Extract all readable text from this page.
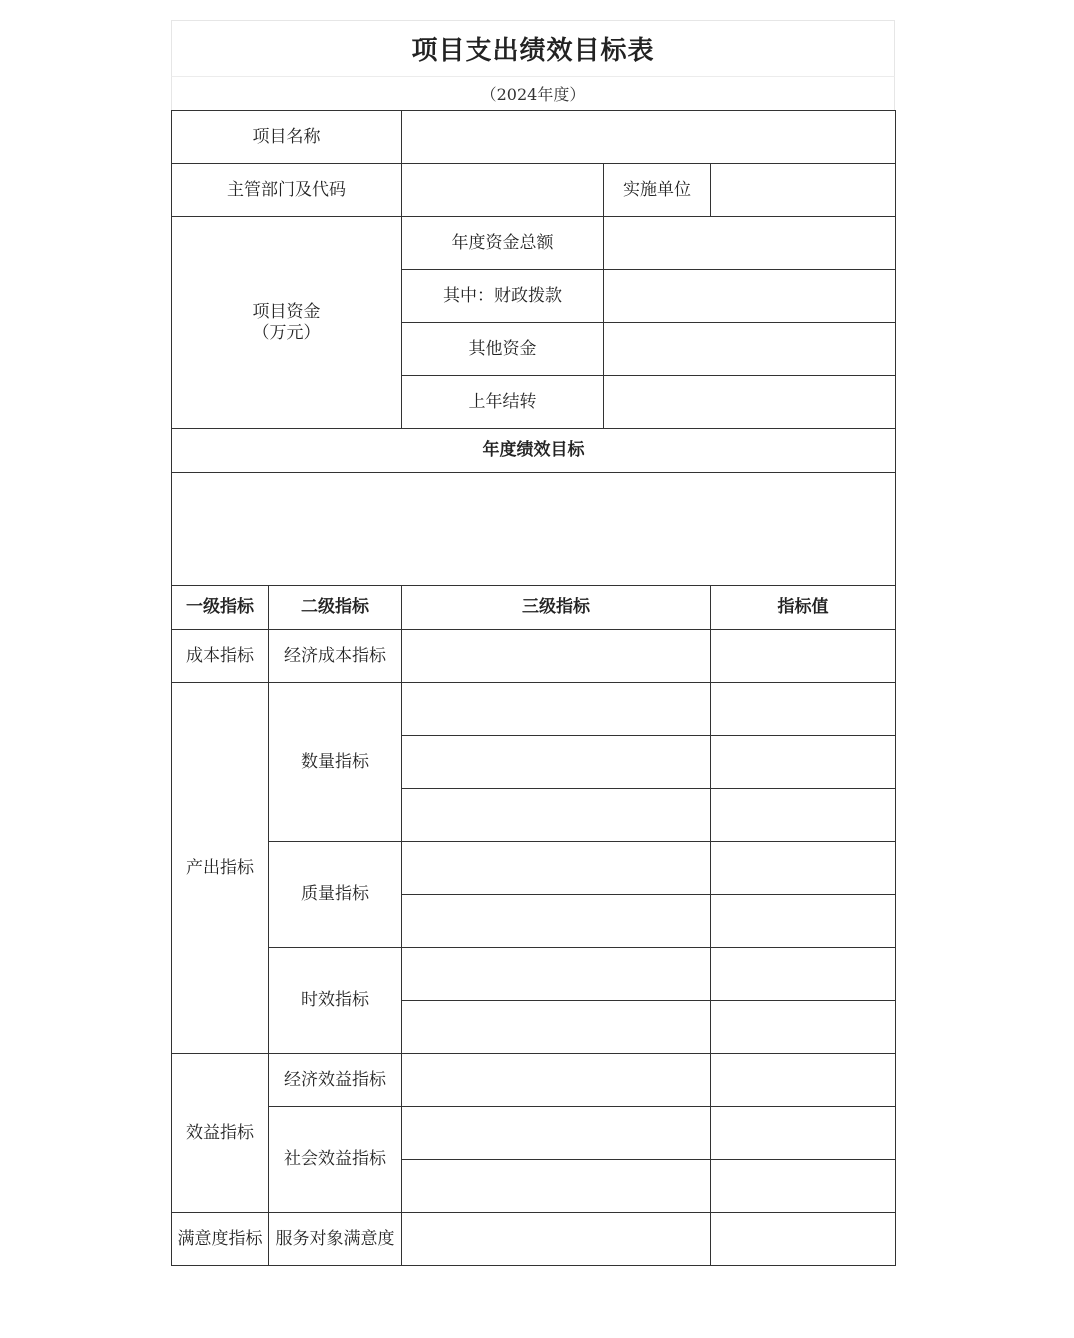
项目支出绩效目标表
（2024年度）
项目名称				
主管部门及代码			实施单位	

项目资金
（万元）		年度资金总额		
		其中：财政拨款		
		其他资金		
		上年结转		
年度绩效目标				

一级指标	二级指标	三级指标		指标值
成本指标	经济成本指标			
产出指标	数量指标			

	质量指标			

	时效指标			

效益指标	经济效益指标			
	社会效益指标			

满意度指标	服务对象满意度			
